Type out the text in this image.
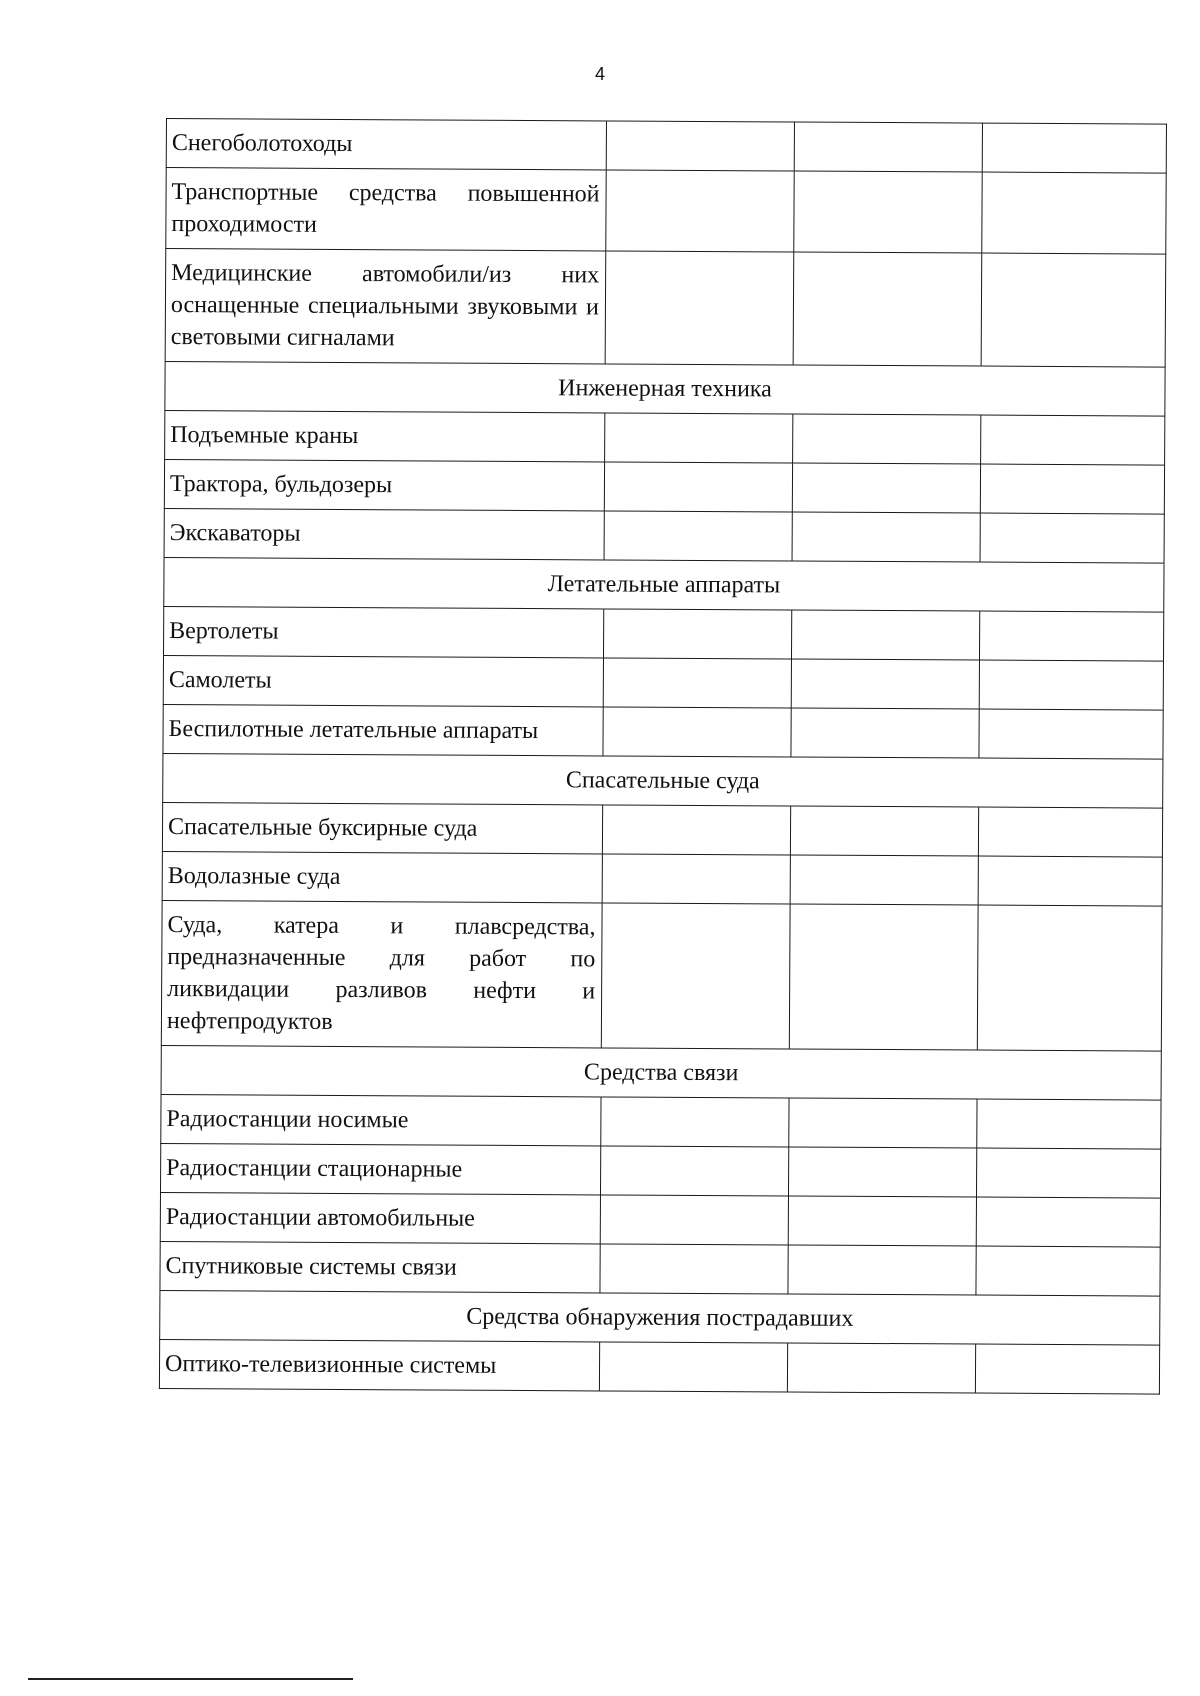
4
Снегоболотоходы			
Транспортные средства повышенной проходимости			
Медицинские автомобили/из них оснащенные специальными звуковыми и световыми сигналами			
Инженерная техника			
Подъемные краны			
Трактора, бульдозеры			
Экскаваторы			
Летательные аппараты			
Вертолеты			
Самолеты			
Беспилотные летательные аппараты			
Спасательные суда			
Спасательные буксирные суда			
Водолазные суда			
Суда, катера и плавсредства, предназначенные для работ по ликвидации разливов нефти и нефтепродуктов			
Средства связи			
Радиостанции носимые			
Радиостанции стационарные			
Радиостанции автомобильные			
Спутниковые системы связи			
Средства обнаружения пострадавших			
Оптико-телевизионные системы			
